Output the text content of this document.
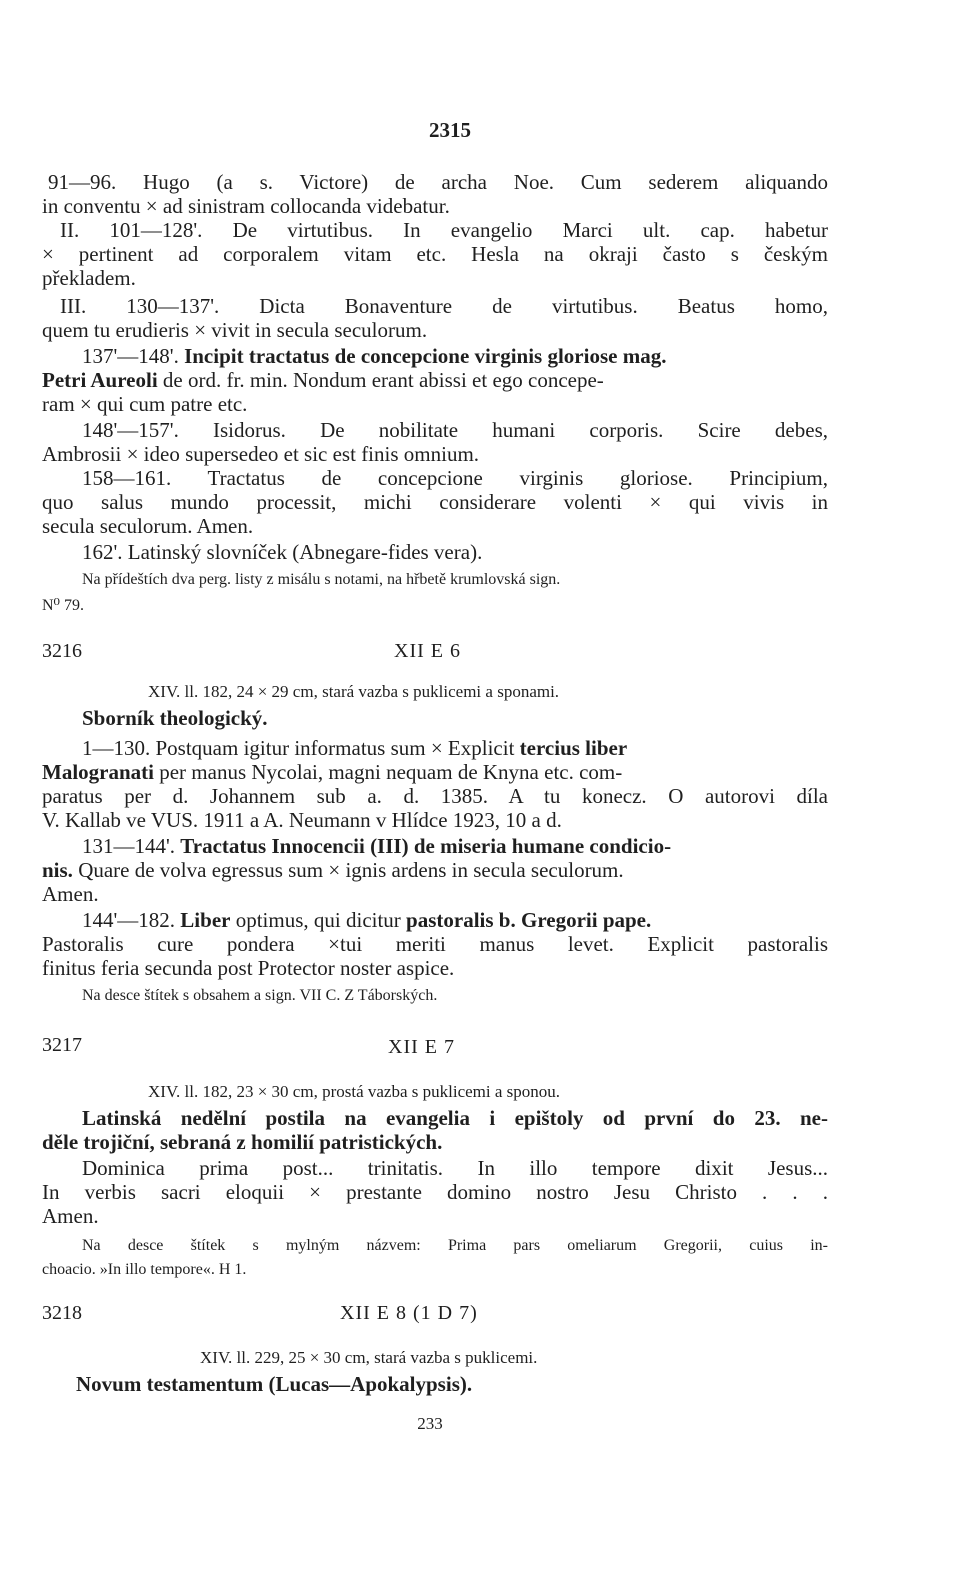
2315
91—96. Hugo (a s. Victore) de archa Noe. Cum sederem aliquando
in conventu × ad sinistram collocanda videbatur.
II. 101—128'. De virtutibus. In evangelio Marci ult. cap. habetur
× pertinent ad corporalem vitam etc. Hesla na okraji často s českým
překladem.
III. 130—137'. Dicta Bonaventure de virtutibus. Beatus homo,
quem tu erudieris × vivit in secula seculorum.
137'—148'. Incipit tractatus de concepcione virginis gloriose mag.
Petri Aureoli de ord. fr. min. Nondum erant abissi et ego concepe-
ram × qui cum patre etc.
148'—157'. Isidorus. De nobilitate humani corporis. Scire debes,
Ambrosii × ideo supersedeo et sic est finis omnium.
158—161. Tractatus de concepcione virginis gloriose. Principium,
quo salus mundo processit, michi considerare volenti × qui vivis in
secula seculorum. Amen.
162'. Latinský slovníček (Abnegare-fides vera).
Na přídeštích dva perg. listy z misálu s notami, na hřbetě krumlovská sign.
N⁰ 79.
3216	XII E 6
XIV. ll. 182, 24 × 29 cm, stará vazba s puklicemi a sponami.
Sborník theologický.
1—130. Postquam igitur informatus sum × Explicit tercius liber
Malogranati per manus Nycolai, magni nequam de Knyna etc. com-
paratus per d. Johannem sub a. d. 1385. A tu konecz. O autorovi díla
V. Kallab ve VUS. 1911 a A. Neumann v Hlídce 1923, 10 a d.
131—144'. Tractatus Innocencii (III) de miseria humane condicio-
nis. Quare de volva egressus sum × ignis ardens in secula seculorum.
Amen.
144'—182. Liber optimus, qui dicitur pastoralis b. Gregorii pape.
Pastoralis cure pondera ×tui meriti manus levet. Explicit pastoralis
finitus feria secunda post Protector noster aspice.
Na desce štítek s obsahem a sign. VII C. Z Táborských.
3217	XII E 7
XIV. ll. 182, 23 × 30 cm, prostá vazba s puklicemi a sponou.
Latinská nedělní postila na evangelia i epištoly od první do 23. ne-
děle trojiční, sebraná z homilií patristických.
Dominica prima post... trinitatis. In illo tempore dixit Jesus...
In verbis sacri eloquii × prestante domino nostro Jesu Christo . . .
Amen.
Na desce štítek s mylným názvem: Prima pars omeliarum Gregorii, cuius in-
choacio. »In illo tempore«. H 1.
3218	XII E 8 (1 D 7)
XIV. ll. 229, 25 × 30 cm, stará vazba s puklicemi.
Novum testamentum (Lucas—Apokalypsis).
233
